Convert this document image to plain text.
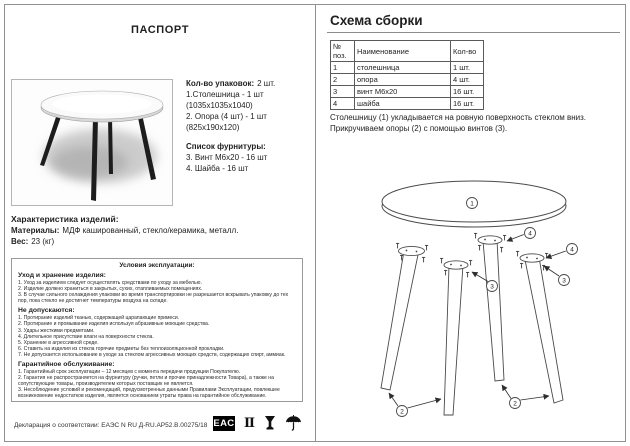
ПАСПОРТ
Кол-во упаковок: 2 шт.
1.Столешница - 1 шт
(1035х1035х1040)
2. Опора (4 шт) - 1 шт
(825х190х120)
Список фурнитуры:
3. Винт М6х20 - 16 шт
4. Шайба - 16 шт
Характеристика изделий:
Материалы: МДФ кашированный, стекло/керамика, металл.
Вес: 23 (кг)
Условия эксплуатации:
Уход и хранение изделия:
1. Уход за изделием следует осуществлять средствами по уходу за мебелью.
2. Изделие должно храниться в закрытых, сухих, отапливаемых помещениях.
3. В случае сильного охлаждения упаковки во время транспортировки не разрешается вскрывать упаковку до тех пор, пока стекло не достигнет температуры воздуха на складе.
Не допускаются:
1. Протирание изделий тканью, содержащей царапающие примеси.
2. Протирание и промывание изделия используя абразивные моющие средства.
3. Удары жесткими предметами.
4. Длительное присутствие влаги на поверхности стекла.
5. Хранение в агрессивной среде.
6. Ставить на изделия из стекла горячие предметы без теплоизоляционной прокладки.
7. Не допускается использование в уходе за стеклом агрессивных моющих средств, содержащих спирт, аммиак.
Гарантийное обслуживание:
1. Гарантийный срок эксплуатации – 12 месяцев с момента передачи продукции Покупателю.
2. Гарантия не распространяется на фурнитуру (ручки, петли и прочие принадлежности Товара), а также на сопутствующие товары, производителем которых поставщик не является.
3. Несоблюдение условий и рекомендаций, предусмотренных данными Правилами Эксплуатации, повлекшее возникновение недостатков изделия, является основанием утраты права на гарантийное обслуживание.
Декларация о соответствии: ЕАЭС N RU Д-RU.АР52.В.00275/18 ЕАС Ⅱ
Схема сборки
№ поз.	Наименование	Кол-во
1	столешница	1 шт.
2	опора	4 шт.
3	винт М6х20	16 шт.
4	шайба	16 шт.
Столешницу (1) укладывается на ровную поверхность стеклом вниз.
Прикручиваем опоры (2) с помощью винтов (3).
1
4
4
3
3
2
2
